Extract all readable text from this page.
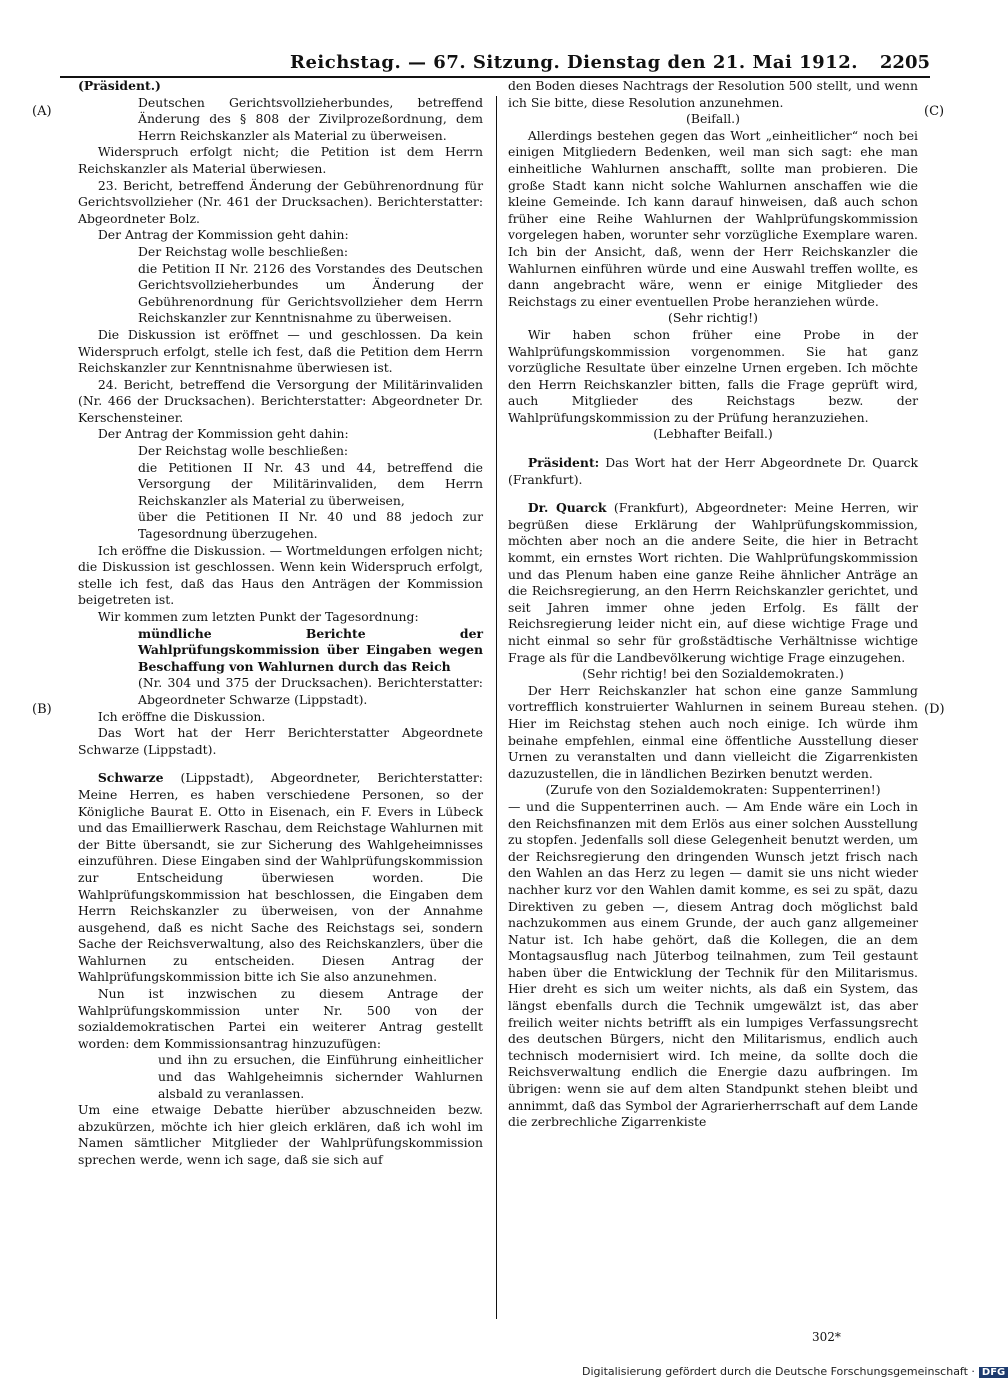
Reichstag. — 67. Sitzung. Dienstag den 21. Mai 1912. 2205
(A)
(B)
(C)
(D)

(Präsident.)

Deutschen Gerichtsvollzieherbundes, betreffend Änderung des § 808 der Zivilprozeßordnung, dem Herrn Reichskanzler als Material zu überweisen.

Widerspruch erfolgt nicht; die Petition ist dem Herrn Reichskanzler als Material überwiesen.

23. Bericht, betreffend Änderung der Gebührenordnung für Gerichtsvollzieher (Nr. 461 der Drucksachen). Berichterstatter: Abgeordneter Bolz.

Der Antrag der Kommission geht dahin:

Der Reichstag wolle beschließen:

die Petition II Nr. 2126 des Vorstandes des Deutschen Gerichtsvollzieherbundes um Änderung der Gebührenordnung für Gerichtsvollzieher dem Herrn Reichskanzler zur Kenntnisnahme zu überweisen.

Die Diskussion ist eröffnet — und geschlossen. Da kein Widerspruch erfolgt, stelle ich fest, daß die Petition dem Herrn Reichskanzler zur Kenntnisnahme überwiesen ist.

24. Bericht, betreffend die Versorgung der Militärinvaliden (Nr. 466 der Drucksachen). Berichterstatter: Abgeordneter Dr. Kerschensteiner.

Der Antrag der Kommission geht dahin:

Der Reichstag wolle beschließen:

die Petitionen II Nr. 43 und 44, betreffend die Versorgung der Militärinvaliden, dem Herrn Reichskanzler als Material zu überweisen,

über die Petitionen II Nr. 40 und 88 jedoch zur Tagesordnung überzugehen.

Ich eröffne die Diskussion. — Wortmeldungen erfolgen nicht; die Diskussion ist geschlossen. Wenn kein Widerspruch erfolgt, stelle ich fest, daß das Haus den Anträgen der Kommission beigetreten ist.

Wir kommen zum letzten Punkt der Tagesordnung:

mündliche Berichte der Wahlprüfungskommission über Eingaben wegen Beschaffung von Wahlurnen durch das Reich

(Nr. 304 und 375 der Drucksachen). Berichterstatter: Abgeordneter Schwarze (Lippstadt).

Ich eröffne die Diskussion.

Das Wort hat der Herr Berichterstatter Abgeordnete Schwarze (Lippstadt).

Schwarze (Lippstadt), Abgeordneter, Berichterstatter: Meine Herren, es haben verschiedene Personen, so der Königliche Baurat E. Otto in Eisenach, ein F. Evers in Lübeck und das Emaillierwerk Raschau, dem Reichstage Wahlurnen mit der Bitte übersandt, sie zur Sicherung des Wahlgeheimnisses einzuführen. Diese Eingaben sind der Wahlprüfungskommission zur Entscheidung überwiesen worden. Die Wahlprüfungskommission hat beschlossen, die Eingaben dem Herrn Reichskanzler zu überweisen, von der Annahme ausgehend, daß es nicht Sache des Reichstags sei, sondern Sache der Reichsverwaltung, also des Reichskanzlers, über die Wahlurnen zu entscheiden. Diesen Antrag der Wahlprüfungskommission bitte ich Sie also anzunehmen.

Nun ist inzwischen zu diesem Antrage der Wahlprüfungskommission unter Nr. 500 von der sozialdemokratischen Partei ein weiterer Antrag gestellt worden: dem Kommissionsantrag hinzuzufügen:

und ihn zu ersuchen, die Einführung einheitlicher und das Wahlgeheimnis sichernder Wahlurnen alsbald zu veranlassen.

Um eine etwaige Debatte hierüber abzuschneiden bezw. abzukürzen, möchte ich hier gleich erklären, daß ich wohl im Namen sämtlicher Mitglieder der Wahlprüfungskommission sprechen werde, wenn ich sage, daß sie sich auf

den Boden dieses Nachtrags der Resolution 500 stellt, und wenn ich Sie bitte, diese Resolution anzunehmen.

(Beifall.)

Allerdings bestehen gegen das Wort „einheitlicher“ noch bei einigen Mitgliedern Bedenken, weil man sich sagt: ehe man einheitliche Wahlurnen anschafft, sollte man probieren. Die große Stadt kann nicht solche Wahlurnen anschaffen wie die kleine Gemeinde. Ich kann darauf hinweisen, daß auch schon früher eine Reihe Wahlurnen der Wahlprüfungskommission vorgelegen haben, worunter sehr vorzügliche Exemplare waren. Ich bin der Ansicht, daß, wenn der Herr Reichskanzler die Wahlurnen einführen würde und eine Auswahl treffen wollte, es dann angebracht wäre, wenn er einige Mitglieder des Reichstags zu einer eventuellen Probe heranziehen würde.

(Sehr richtig!)

Wir haben schon früher eine Probe in der Wahlprüfungskommission vorgenommen. Sie hat ganz vorzügliche Resultate über einzelne Urnen ergeben. Ich möchte den Herrn Reichskanzler bitten, falls die Frage geprüft wird, auch Mitglieder des Reichstags bezw. der Wahlprüfungskommission zu der Prüfung heranzuziehen.

(Lebhafter Beifall.)

Präsident: Das Wort hat der Herr Abgeordnete Dr. Quarck (Frankfurt).

Dr. Quarck (Frankfurt), Abgeordneter: Meine Herren, wir begrüßen diese Erklärung der Wahlprüfungskommission, möchten aber noch an die andere Seite, die hier in Betracht kommt, ein ernstes Wort richten. Die Wahlprüfungskommission und das Plenum haben eine ganze Reihe ähnlicher Anträge an die Reichsregierung, an den Herrn Reichskanzler gerichtet, und seit Jahren immer ohne jeden Erfolg. Es fällt der Reichsregierung leider nicht ein, auf diese wichtige Frage und nicht einmal so sehr für großstädtische Verhältnisse wichtige Frage als für die Landbevölkerung wichtige Frage einzugehen.

(Sehr richtig! bei den Sozialdemokraten.)

Der Herr Reichskanzler hat schon eine ganze Sammlung vortrefflich konstruierter Wahlurnen in seinem Bureau stehen. Hier im Reichstag stehen auch noch einige. Ich würde ihm beinahe empfehlen, einmal eine öffentliche Ausstellung dieser Urnen zu veranstalten und dann vielleicht die Zigarrenkisten dazuzustellen, die in ländlichen Bezirken benutzt werden.

(Zurufe von den Sozialdemokraten: Suppenterrinen!)

— und die Suppenterrinen auch. — Am Ende wäre ein Loch in den Reichsfinanzen mit dem Erlös aus einer solchen Ausstellung zu stopfen. Jedenfalls soll diese Gelegenheit benutzt werden, um der Reichsregierung den dringenden Wunsch jetzt frisch nach den Wahlen an das Herz zu legen — damit sie uns nicht wieder nachher kurz vor den Wahlen damit komme, es sei zu spät, dazu Direktiven zu geben —, diesem Antrag doch möglichst bald nachzukommen aus einem Grunde, der auch ganz allgemeiner Natur ist. Ich habe gehört, daß die Kollegen, die an dem Montagsausflug nach Jüterbog teilnahmen, zum Teil gestaunt haben über die Entwicklung der Technik für den Militarismus. Hier dreht es sich um weiter nichts, als daß ein System, das längst ebenfalls durch die Technik umgewälzt ist, das aber freilich weiter nichts betrifft als ein lumpiges Verfassungsrecht des deutschen Bürgers, nicht den Militarismus, endlich auch technisch modernisiert wird. Ich meine, da sollte doch die Reichsverwaltung endlich die Energie dazu aufbringen. Im übrigen: wenn sie auf dem alten Standpunkt stehen bleibt und annimmt, daß das Symbol der Agrarierherrschaft auf dem Lande die zerbrechliche Zigarrenkiste

302*
Digitalisierung gefördert durch die Deutsche Forschungsgemeinschaft · DFG
